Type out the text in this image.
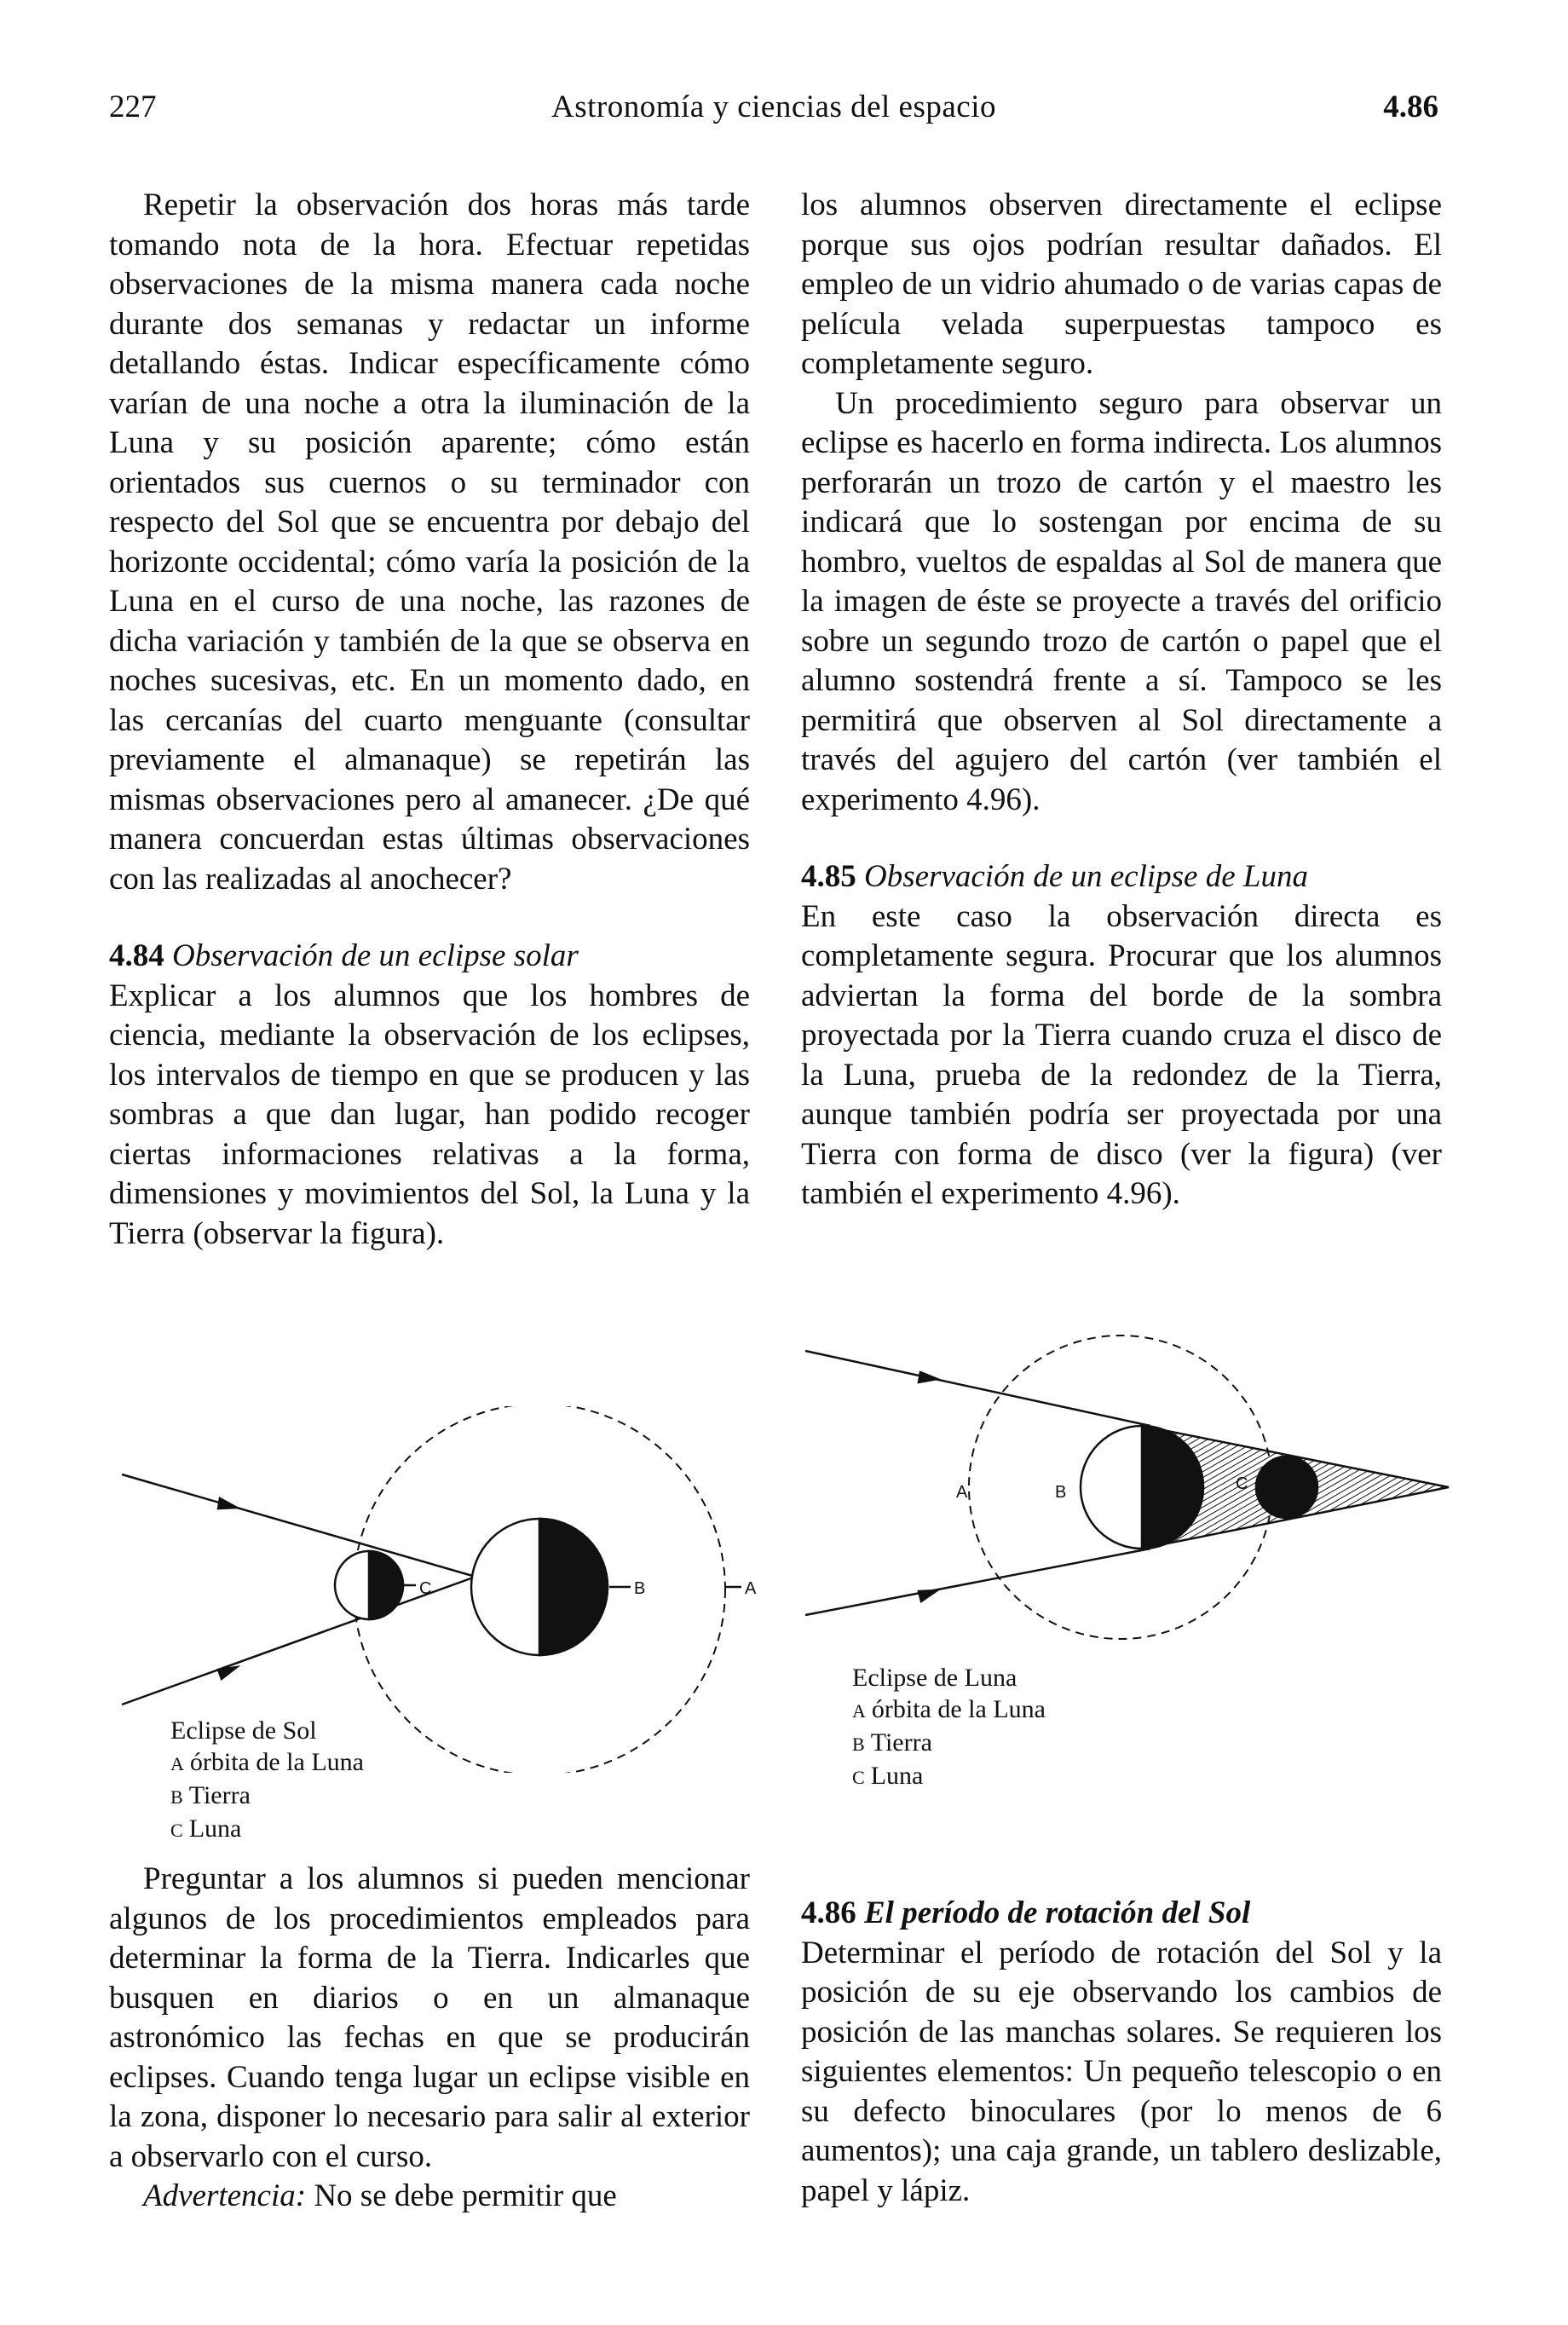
227	Astronomía y ciencias del espacio	4.86

Repetir la observación dos horas más tarde tomando nota de la hora. Efectuar repetidas observaciones de la misma manera cada noche durante dos semanas y redactar un informe detallando éstas. Indicar específicamente cómo varían de una noche a otra la iluminación de la Luna y su posición aparente; cómo están orientados sus cuernos o su terminador con respecto del Sol que se encuentra por debajo del horizonte occidental; cómo varía la posición de la Luna en el curso de una noche, las razones de dicha variación y también de la que se observa en noches sucesivas, etc. En un momento dado, en las cercanías del cuarto menguante (consultar previamente el almanaque) se repetirán las mismas observaciones pero al amanecer. ¿De qué manera concuerdan estas últimas observaciones con las realizadas al anochecer?

4.84 Observación de un eclipse solar

Explicar a los alumnos que los hombres de ciencia, mediante la observación de los eclipses, los intervalos de tiempo en que se producen y las sombras a que dan lugar, han podido recoger ciertas informaciones relativas a la forma, dimensiones y movimientos del Sol, la Luna y la Tierra (observar la figura).

C	B	A
Eclipse de Sol
A órbita de la Luna
B Tierra
C Luna

Preguntar a los alumnos si pueden mencionar algunos de los procedimientos empleados para determinar la forma de la Tierra. Indicarles que busquen en diarios o en un almanaque astronómico las fechas en que se producirán eclipses. Cuando tenga lugar un eclipse visible en la zona, disponer lo necesario para salir al exterior a observarlo con el curso.

Advertencia: No se debe permitir que

los alumnos observen directamente el eclipse porque sus ojos podrían resultar dañados. El empleo de un vidrio ahumado o de varias capas de película velada superpuestas tampoco es completamente seguro.

Un procedimiento seguro para observar un eclipse es hacerlo en forma indirecta. Los alumnos perforarán un trozo de cartón y el maestro les indicará que lo sostengan por encima de su hombro, vueltos de espaldas al Sol de manera que la imagen de éste se proyecte a través del orificio sobre un segundo trozo de cartón o papel que el alumno sostendrá frente a sí. Tampoco se les permitirá que observen al Sol directamente a través del agujero del cartón (ver también el experimento 4.96).

4.85 Observación de un eclipse de Luna

En este caso la observación directa es completamente segura. Procurar que los alumnos adviertan la forma del borde de la sombra proyectada por la Tierra cuando cruza el disco de la Luna, prueba de la redondez de la Tierra, aunque también podría ser proyectada por una Tierra con forma de disco (ver la figura) (ver también el experimento 4.96).

A	B	C
Eclipse de Luna
A órbita de la Luna
B Tierra
C Luna

4.86 El período de rotación del Sol

Determinar el período de rotación del Sol y la posición de su eje observando los cambios de posición de las manchas solares. Se requieren los siguientes elementos: Un pequeño telescopio o en su defecto binoculares (por lo menos de 6 aumentos); una caja grande, un tablero deslizable, papel y lápiz.
